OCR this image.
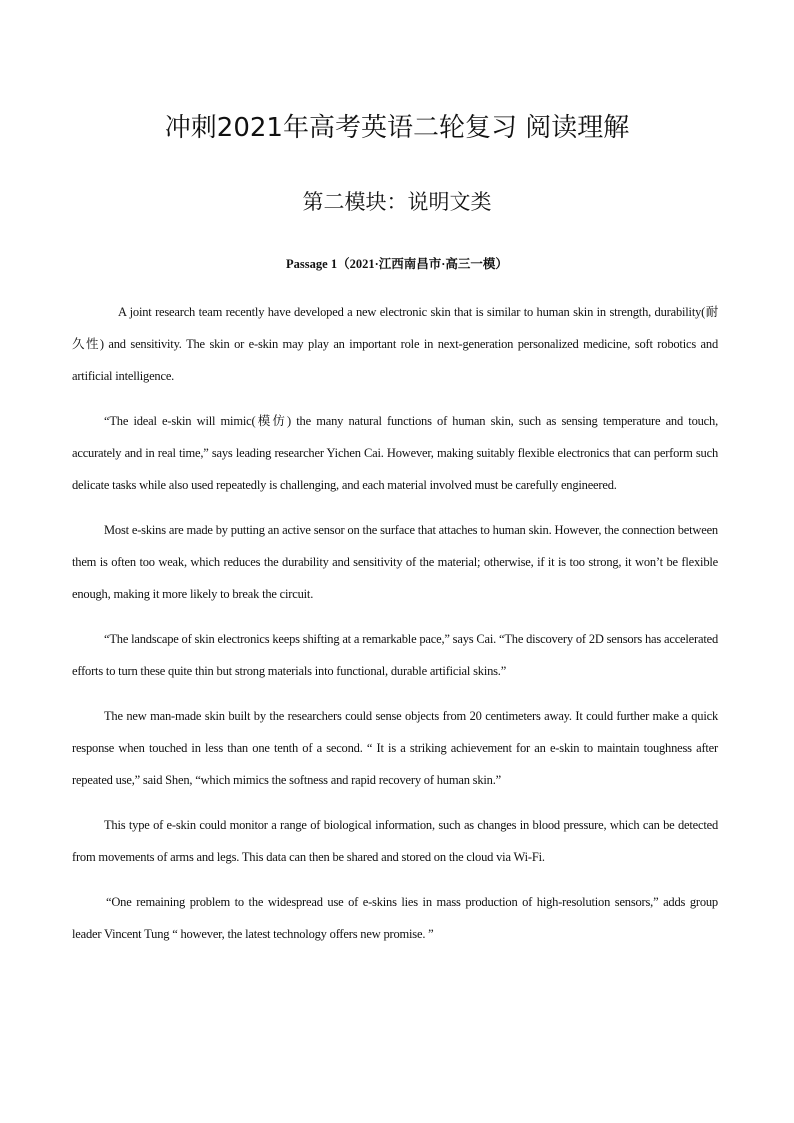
冲刺2021年高考英语二轮复习 阅读理解
第二模块：说明文类

Passage 1（2021·江西南昌市·高三一模）

A joint research team recently have developed a new electronic skin that is similar to human skin in strength, durability(耐久性) and sensitivity. The skin or e-skin may play an important role in next-generation personalized medicine, soft robotics and artificial intelligence.

“The ideal e-skin will mimic(模仿) the many natural functions of human skin, such as sensing temperature and touch, accurately and in real time,” says leading researcher Yichen Cai. However, making suitably flexible electronics that can perform such delicate tasks while also used repeatedly is challenging, and each material involved must be carefully engineered.

Most e-skins are made by putting an active sensor on the surface that attaches to human skin. However, the connection between them is often too weak, which reduces the durability and sensitivity of the material; otherwise, if it is too strong, it won’t be flexible enough, making it more likely to break the circuit.

“The landscape of skin electronics keeps shifting at a remarkable pace,” says Cai. “The discovery of 2D sensors has accelerated efforts to turn these quite thin but strong materials into functional, durable artificial skins.”

The new man-made skin built by the researchers could sense objects from 20 centimeters away. It could further make a quick response when touched in less than one tenth of a second. “ It is a striking achievement for an e-skin to maintain toughness after repeated use,” said Shen, “which mimics the softness and rapid recovery of human skin.”

This type of e-skin could monitor a range of biological information, such as changes in blood pressure, which can be detected from movements of arms and legs. This data can then be shared and stored on the cloud via Wi-Fi.

“One remaining problem to the widespread use of e-skins lies in mass production of high-resolution sensors,” adds group leader Vincent Tung “ however, the latest technology offers new promise. ”
